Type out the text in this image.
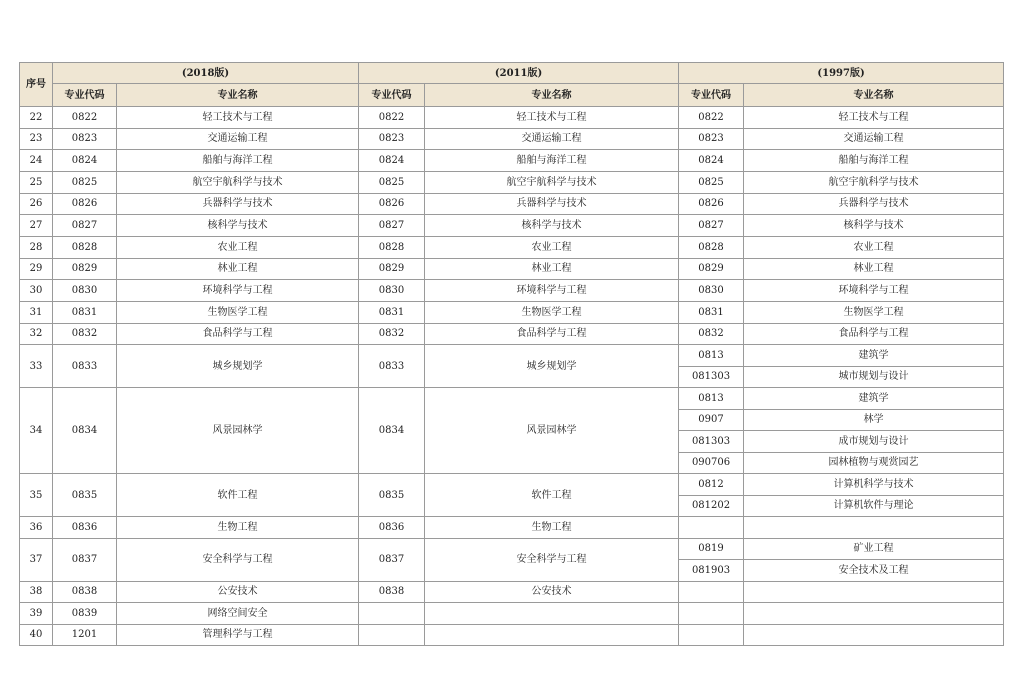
序号	(2018版)		(2011版)		(1997版)	
	专业代码	专业名称	专业代码	专业名称	专业代码	专业名称
22	0822	轻工技术与工程	0822	轻工技术与工程	0822	轻工技术与工程
23	0823	交通运输工程	0823	交通运输工程	0823	交通运输工程
24	0824	船舶与海洋工程	0824	船舶与海洋工程	0824	船舶与海洋工程
25	0825	航空宇航科学与技术	0825	航空宇航科学与技术	0825	航空宇航科学与技术
26	0826	兵器科学与技术	0826	兵器科学与技术	0826	兵器科学与技术
27	0827	核科学与技术	0827	核科学与技术	0827	核科学与技术
28	0828	农业工程	0828	农业工程	0828	农业工程
29	0829	林业工程	0829	林业工程	0829	林业工程
30	0830	环境科学与工程	0830	环境科学与工程	0830	环境科学与工程
31	0831	生物医学工程	0831	生物医学工程	0831	生物医学工程
32	0832	食品科学与工程	0832	食品科学与工程	0832	食品科学与工程
33	0833	城乡规划学	0833	城乡规划学	0813	建筑学
					081303	城市规划与设计
34	0834	风景园林学	0834	风景园林学	0813	建筑学
					0907	林学
					081303	成市规划与设计
					090706	园林植物与观赏园艺
35	0835	软件工程	0835	软件工程	0812	计算机科学与技术
					081202	计算机软件与理论
36	0836	生物工程	0836	生物工程		
37	0837	安全科学与工程	0837	安全科学与工程	0819	矿业工程
					081903	安全技术及工程
38	0838	公安技术	0838	公安技术		
39	0839	网络空间安全				
40	1201	管理科学与工程				
